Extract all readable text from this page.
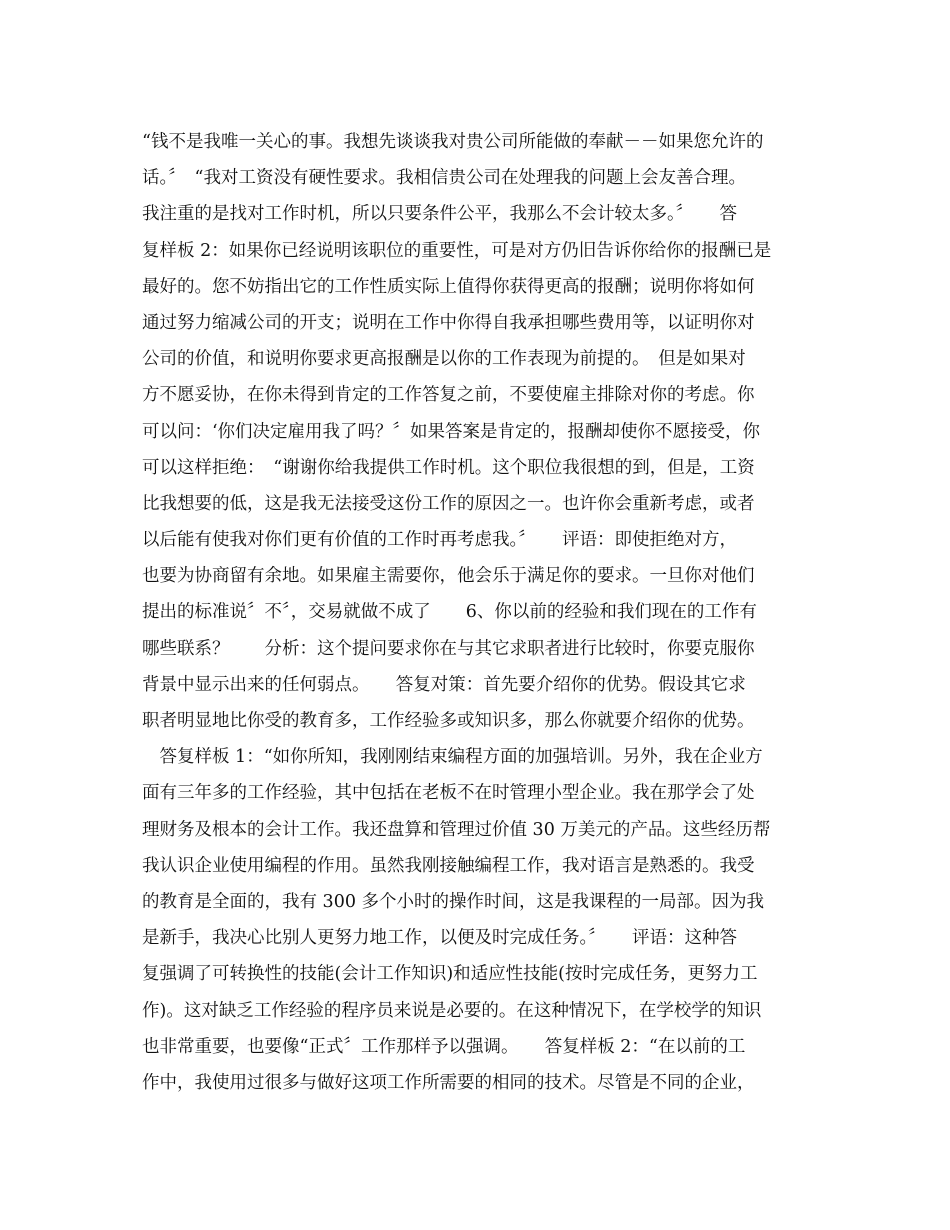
“钱不是我唯一关心的事。我想先谈谈我对贵公司所能做的奉献－－如果您允许的
话。〞　“我对工资没有硬性要求。我相信贵公司在处理我的问题上会友善合理。
我注重的是找对工作时机，所以只要条件公平，我那么不会计较太多。〞　　答
复样板 2：如果你已经说明该职位的重要性，可是对方仍旧告诉你给你的报酬已是
最好的。您不妨指出它的工作性质实际上值得你获得更高的报酬；说明你将如何
通过努力缩减公司的开支；说明在工作中你得自我承担哪些费用等，以证明你对
公司的价值，和说明你要求更高报酬是以你的工作表现为前提的。　但是如果对
方不愿妥协，在你未得到肯定的工作答复之前，不要使雇主排除对你的考虑。你
可以问：‘你们决定雇用我了吗？〞如果答案是肯定的，报酬却使你不愿接受，你
可以这样拒绝：　“谢谢你给我提供工作时机。这个职位我很想的到，但是，工资
比我想要的低，这是我无法接受这份工作的原因之一。也许你会重新考虑，或者
以后能有使我对你们更有价值的工作时再考虑我。〞　　评语：即使拒绝对方，
也要为协商留有余地。如果雇主需要你，他会乐于满足你的要求。一旦你对他们
提出的标准说〞不〞，交易就做不成了　　6、你以前的经验和我们现在的工作有
哪些联系？　　分析：这个提问要求你在与其它求职者进行比较时，你要克服你
背景中显示出来的任何弱点。　　答复对策：首先要介绍你的优势。假设其它求
职者明显地比你受的教育多，工作经验多或知识多，那么你就要介绍你的优势。
　答复样板 1：“如你所知，我刚刚结束编程方面的加强培训。另外，我在企业方
面有三年多的工作经验，其中包括在老板不在时管理小型企业。我在那学会了处
理财务及根本的会计工作。我还盘算和管理过价值 30 万美元的产品。这些经历帮
我认识企业使用编程的作用。虽然我刚接触编程工作，我对语言是熟悉的。我受
的教育是全面的，我有 300 多个小时的操作时间，这是我课程的一局部。因为我
是新手，我决心比别人更努力地工作，以便及时完成任务。〞　　评语：这种答
复强调了可转换性的技能(会计工作知识)和适应性技能(按时完成任务，更努力工
作)。这对缺乏工作经验的程序员来说是必要的。在这种情况下，在学校学的知识
也非常重要，也要像“正式〞工作那样予以强调。　　答复样板 2：“在以前的工
作中，我使用过很多与做好这项工作所需要的相同的技术。尽管是不同的企业，
